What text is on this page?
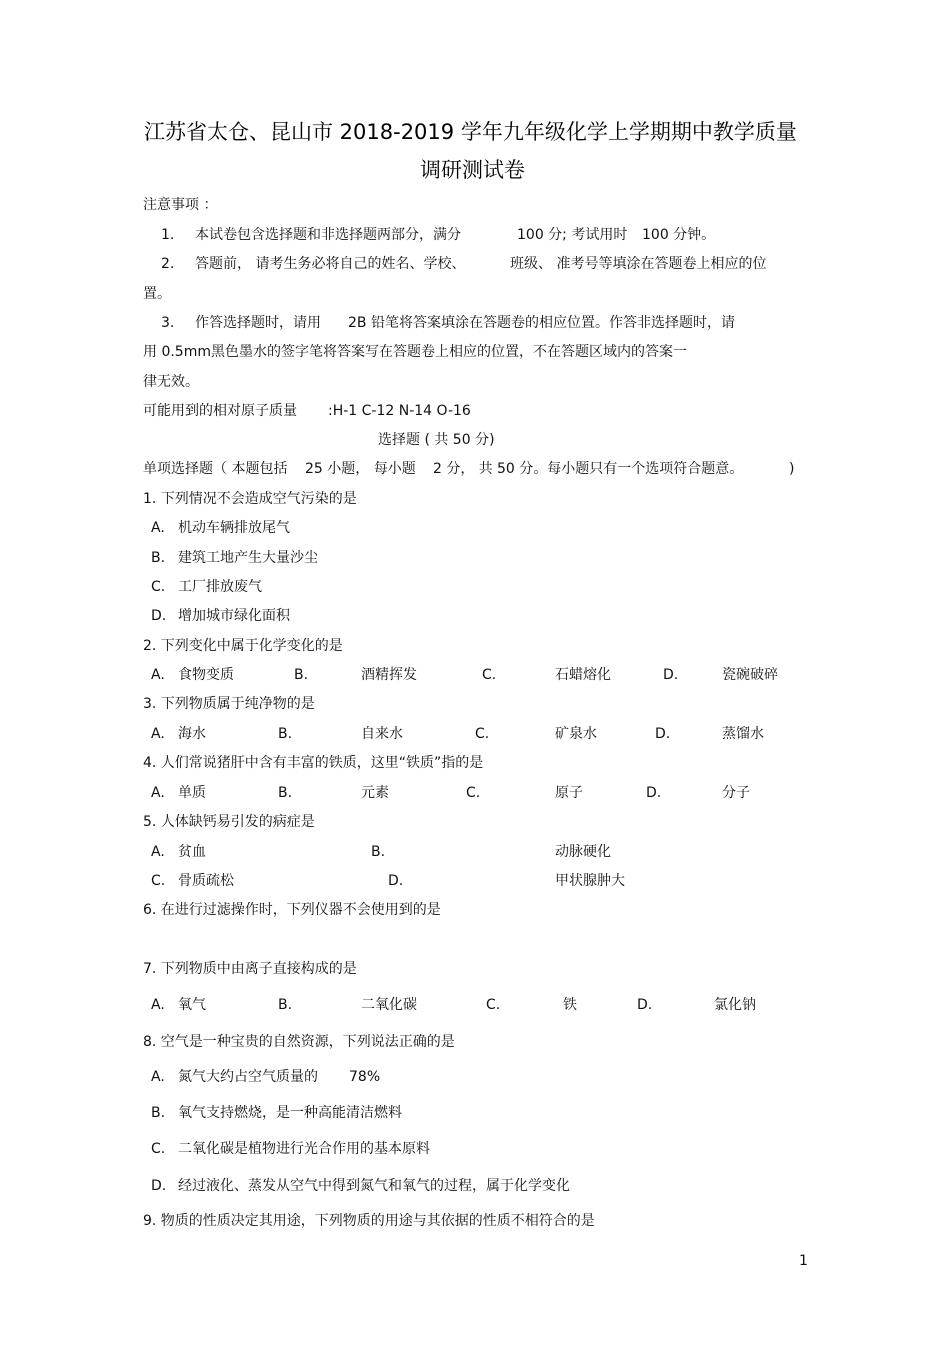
江苏省太仓、昆山市 2018-2019 学年九年级化学上学期期中教学质量
调研测试卷
注意事项 ：
1. 本试卷包含选择题和非选择题两部分，满分	100 分; 考试用时 100 分钟。
2. 答题前， 请考生务必将自己的姓名、学校、	班级、 准考号等填涂在答题卷上相应的位
置。
3. 作答选择题时，请用 2B 铅笔将答案填涂在答题卷的相应位置。作答非选择题时，请
用 0.5mm黑色墨水的签字笔将答案写在答题卷上相应的位置，不在答题区域内的答案一
律无效。
可能用到的相对原子质量 :H-1 C-12 N-14 O-16
选择题 ( 共 50 分)
单项选择题（ 本题包括 25 小题， 每小题 2 分， 共 50 分。每小题只有一个选项符合题意。	)
1. 下列情况不会造成空气污染的是
A. 机动车辆排放尾气
B. 建筑工地产生大量沙尘
C. 工厂排放废气
D. 增加城市绿化面积
2. 下列变化中属于化学变化的是
A. 食物变质	B.	酒精挥发	C.	石蜡熔化	D.	瓷碗破碎
3. 下列物质属于纯净物的是
A. 海水	B.	自来水	C.	矿泉水	D.	蒸馏水
4. 人们常说猪肝中含有丰富的铁质，这里“铁质”指的是
A. 单质	B.	元素	C.	原子	D.	分子
5. 人体缺钙易引发的病症是
A. 贫血	B.	动脉硬化
C. 骨质疏松	D.	甲状腺肿大
6. 在进行过滤操作时，下列仪器不会使用到的是
7. 下列物质中由离子直接构成的是
A. 氧气	B.	二氧化碳	C.	铁	D.	氯化钠
8. 空气是一种宝贵的自然资源，下列说法正确的是
A. 氮气大约占空气质量的 78%
B. 氧气支持燃烧，是一种高能清洁燃料
C. 二氧化碳是植物进行光合作用的基本原料
D. 经过液化、蒸发从空气中得到氮气和氧气的过程，属于化学变化
9. 物质的性质决定其用途，下列物质的用途与其依据的性质不相符合的是
1
